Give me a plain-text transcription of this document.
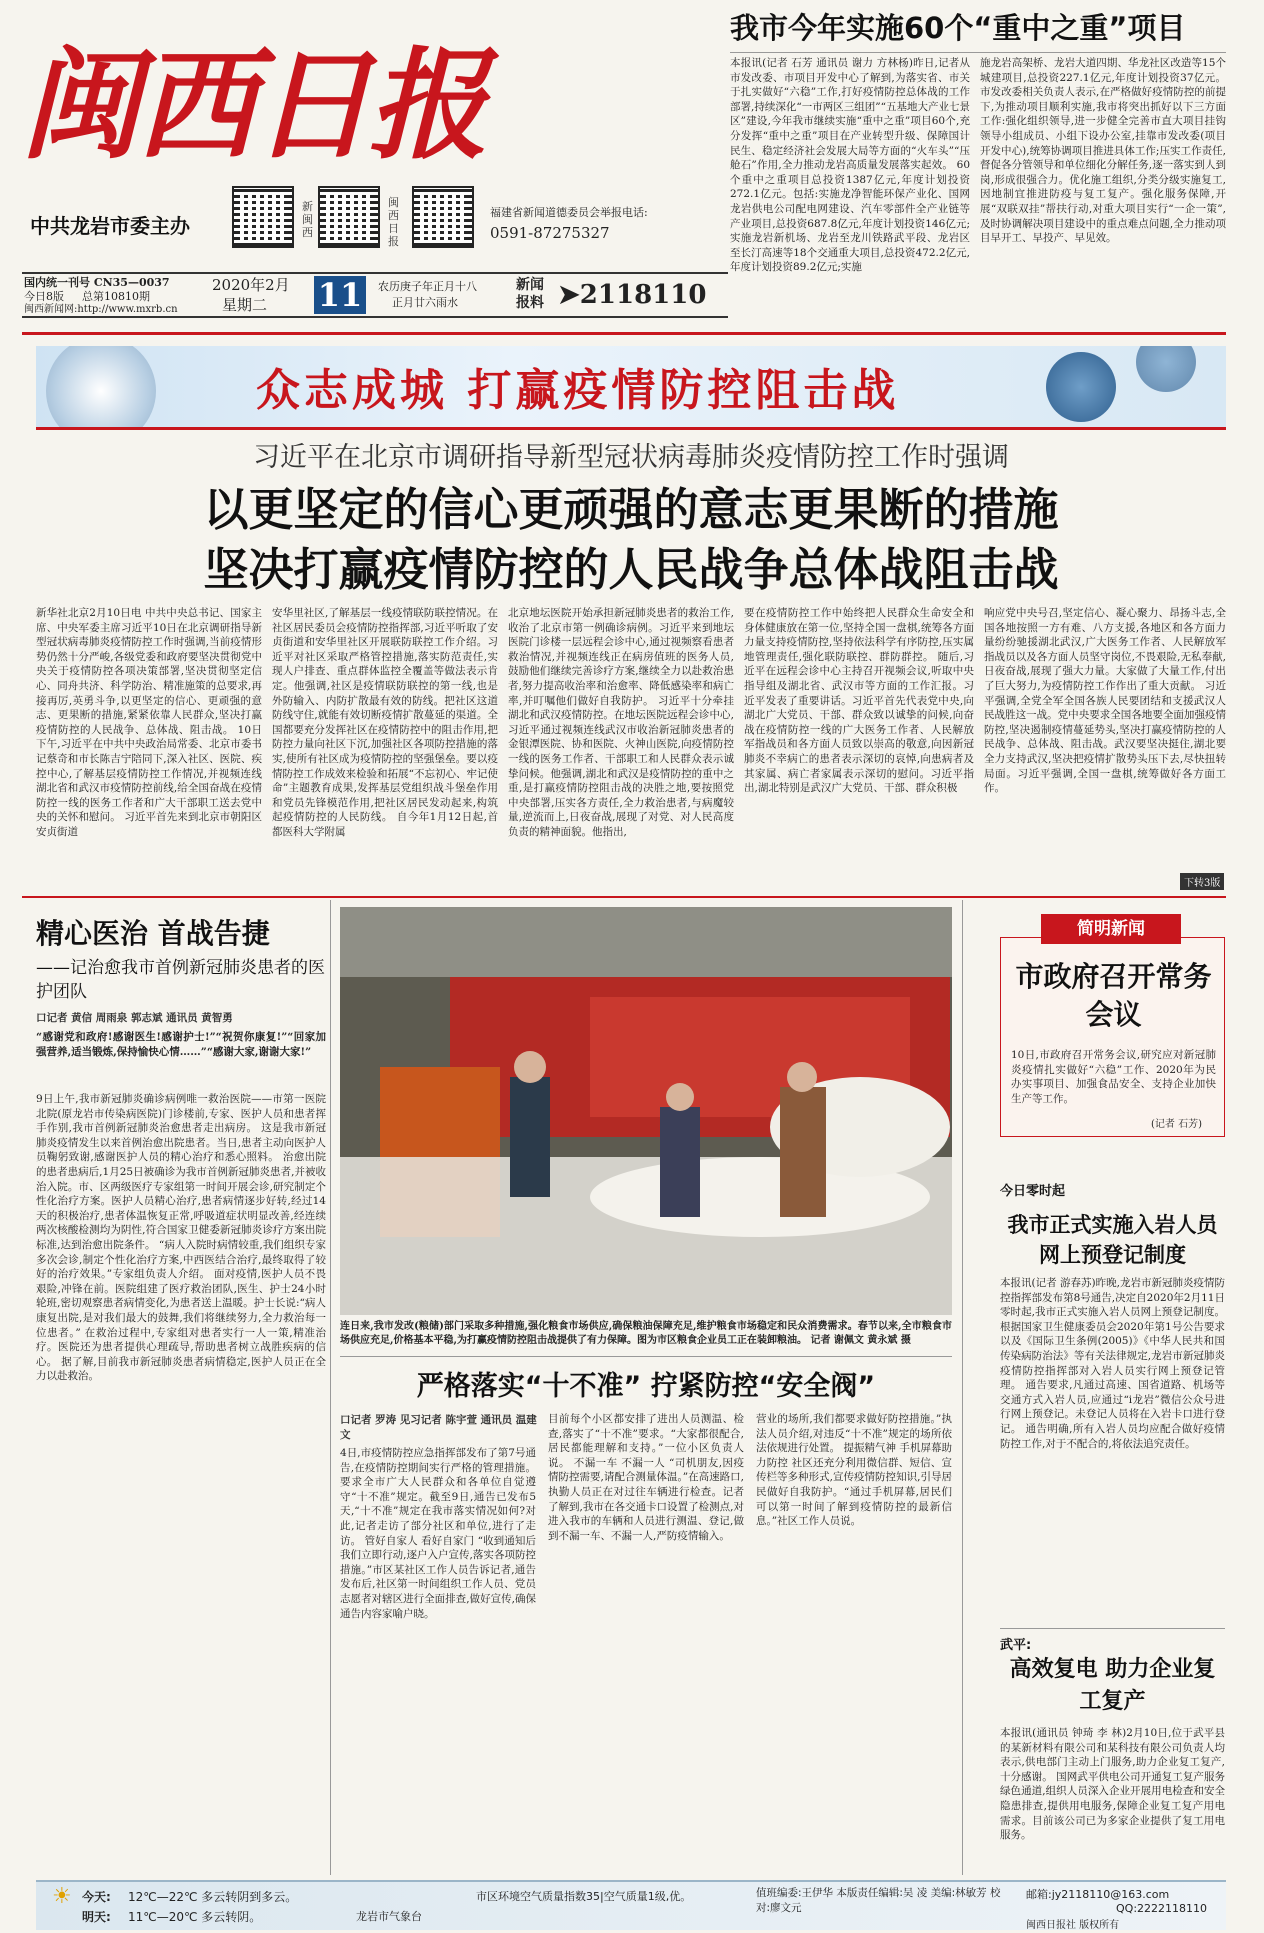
闽西日报
中共龙岩市委主办
新闽西
闽西日报
福建省新闻道德委员会举报电话:
0591-87275327
国内统一刊号 CN35—0037
今日8版 总第10810期
闽西新闻网:http://www.mxrb.cn
2020年2月
星期二 11	农历庚子年正月十八
正月廿六雨水
新闻
报料 ➤2118110
我市今年实施60个“重中之重”项目
本报讯(记者 石芳 通讯员 谢力 方林杨)昨日,记者从市发改委、市项目开发中心了解到,为落实省、市关于扎实做好“六稳”工作,打好疫情防控总体战的工作部署,持续深化“一市两区三组团”“五基地大产业七景区”建设,今年我市继续实施“重中之重”项目60个,充分发挥“重中之重”项目在产业转型升级、保障国计民生、稳定经济社会发展大局等方面的“火车头”“压舱石”作用,全力推动龙岩高质量发展落实起效。 60个重中之重项目总投资1387亿元,年度计划投资272.1亿元。包括:实施龙净智能环保产业化、国网龙岩供电公司配电网建设、汽车零部件全产业链等产业项目,总投资687.8亿元,年度计划投资146亿元;实施龙岩新机场、龙岩至龙川铁路武平段、龙岩区至长汀高速等18个交通重大项目,总投资472.2亿元,年度计划投资89.2亿元;实施
施龙岩高架桥、龙岩大道四期、华龙社区改造等15个城建项目,总投资227.1亿元,年度计划投资37亿元。 市发改委相关负责人表示,在严格做好疫情防控的前提下,为推动项目顺利实施,我市将突出抓好以下三方面工作:强化组织领导,进一步健全完善市直大项目挂钩领导小组成员、小组下设办公室,挂靠市发改委(项目开发中心),统筹协调项目推进具体工作;压实工作责任,督促各分管领导和单位细化分解任务,逐一落实到人到岗,形成很强合力。优化施工组织,分类分级实施复工,因地制宜推进防疫与复工复产。强化服务保障,开展“双联双挂”帮扶行动,对重大项目实行“一企一策”,及时协调解决项目建设中的重点难点问题,全力推动项目早开工、早投产、早见效。
众志成城 打赢疫情防控阻击战
习近平在北京市调研指导新型冠状病毒肺炎疫情防控工作时强调
以更坚定的信心更顽强的意志更果断的措施
坚决打赢疫情防控的人民战争总体战阻击战
新华社北京2月10日电 中共中央总书记、国家主席、中央军委主席习近平10日在北京调研指导新型冠状病毒肺炎疫情防控工作时强调,当前疫情形势仍然十分严峻,各级党委和政府要坚决贯彻党中央关于疫情防控各项决策部署,坚决贯彻坚定信心、同舟共济、科学防治、精准施策的总要求,再接再厉,英勇斗争,以更坚定的信心、更顽强的意志、更果断的措施,紧紧依靠人民群众,坚决打赢疫情防控的人民战争、总体战、阻击战。 10日下午,习近平在中共中央政治局常委、北京市委书记蔡奇和市长陈吉宁陪同下,深入社区、医院、疾控中心,了解基层疫情防控工作情况,并视频连线湖北省和武汉市疫情防控前线,给全国奋战在疫情防控一线的医务工作者和广大干部职工送去党中央的关怀和慰问。 习近平首先来到北京市朝阳区安贞街道
安华里社区,了解基层一线疫情联防联控情况。在社区居民委员会疫情防控指挥部,习近平听取了安贞街道和安华里社区开展联防联控工作介绍。习近平对社区采取严格管控措施,落实防范责任,实现人户排查、重点群体监控全覆盖等做法表示肯定。他强调,社区是疫情联防联控的第一线,也是外防输入、内防扩散最有效的防线。把社区这道防线守住,就能有效切断疫情扩散蔓延的渠道。全国都要充分发挥社区在疫情防控中的阻击作用,把防控力量向社区下沉,加强社区各项防控措施的落实,使所有社区成为疫情防控的坚强堡垒。要以疫情防控工作成效来检验和拓展“不忘初心、牢记使命”主题教育成果,发挥基层党组织战斗堡垒作用和党员先锋模范作用,把社区居民发动起来,构筑起疫情防控的人民防线。 自今年1月12日起,首都医科大学附属
北京地坛医院开始承担新冠肺炎患者的救治工作,收治了北京市第一例确诊病例。习近平来到地坛医院门诊楼一层远程会诊中心,通过视频察看患者救治情况,并视频连线正在病房值班的医务人员,鼓励他们继续完善诊疗方案,继续全力以赴救治患者,努力提高收治率和治愈率、降低感染率和病亡率,并叮嘱他们做好自我防护。 习近平十分牵挂湖北和武汉疫情防控。在地坛医院远程会诊中心,习近平通过视频连线武汉市收治新冠肺炎患者的金银潭医院、协和医院、火神山医院,向疫情防控一线的医务工作者、干部职工和人民群众表示诚挚问候。他强调,湖北和武汉是疫情防控的重中之重,是打赢疫情防控阻击战的决胜之地,要按照党中央部署,压实各方责任,全力救治患者,与病魔较量,逆流而上,日夜奋战,展现了对党、对人民高度负责的精神面貌。他指出,
要在疫情防控工作中始终把人民群众生命安全和身体健康放在第一位,坚持全国一盘棋,统筹各方面力量支持疫情防控,坚持依法科学有序防控,压实属地管理责任,强化联防联控、群防群控。 随后,习近平在远程会诊中心主持召开视频会议,听取中央指导组及湖北省、武汉市等方面的工作汇报。习近平发表了重要讲话。习近平首先代表党中央,向湖北广大党员、干部、群众致以诚挚的问候,向奋战在疫情防控一线的广大医务工作者、人民解放军指战员和各方面人员致以崇高的敬意,向因新冠肺炎不幸病亡的患者表示深切的哀悼,向患病者及其家属、病亡者家属表示深切的慰问。习近平指出,湖北特别是武汉广大党员、干部、群众积极
响应党中央号召,坚定信心、凝心聚力、昂扬斗志,全国各地按照一方有难、八方支援,各地区和各方面力量纷纷驰援湖北武汉,广大医务工作者、人民解放军指战员以及各方面人员坚守岗位,不畏艰险,无私奉献,日夜奋战,展现了强大力量。大家做了大量工作,付出了巨大努力,为疫情防控工作作出了重大贡献。 习近平强调,全党全军全国各族人民要团结和支援武汉人民战胜这一战。党中央要求全国各地要全面加强疫情防控,坚决遏制疫情蔓延势头,坚决打赢疫情防控的人民战争、总体战、阻击战。武汉要坚决挺住,湖北要全力支持武汉,坚决把疫情扩散势头压下去,尽快扭转局面。习近平强调,全国一盘棋,统筹做好各方面工作。
下转3版
精心医治 首战告捷
——记治愈我市首例新冠肺炎患者的医护团队
口记者 黄信 周雨泉 郭志斌 通讯员 黄智勇
“感谢党和政府!感谢医生!感谢护士!”“祝贺你康复!”“回家加强营养,适当锻炼,保持愉快心情……”“感谢大家,谢谢大家!”
9日上午,我市新冠肺炎确诊病例唯一救治医院——市第一医院北院(原龙岩市传染病医院)门诊楼前,专家、医护人员和患者挥手作别,我市首例新冠肺炎治愈患者走出病房。 这是我市新冠肺炎疫情发生以来首例治愈出院患者。当日,患者主动向医护人员鞠躬致谢,感谢医护人员的精心治疗和悉心照料。 治愈出院的患者患病后,1月25日被确诊为我市首例新冠肺炎患者,并被收治入院。市、区两级医疗专家组第一时间开展会诊,研究制定个性化治疗方案。医护人员精心治疗,患者病情逐步好转,经过14天的积极治疗,患者体温恢复正常,呼吸道症状明显改善,经连续两次核酸检测均为阴性,符合国家卫健委新冠肺炎诊疗方案出院标准,达到治愈出院条件。 “病人入院时病情较重,我们组织专家多次会诊,制定个性化治疗方案,中西医结合治疗,最终取得了较好的治疗效果。”专家组负责人介绍。 面对疫情,医护人员不畏艰险,冲锋在前。医院组建了医疗救治团队,医生、护士24小时轮班,密切观察患者病情变化,为患者送上温暖。护士长说:“病人康复出院,是对我们最大的鼓舞,我们将继续努力,全力救治每一位患者。” 在救治过程中,专家组对患者实行一人一策,精准治疗。医院还为患者提供心理疏导,帮助患者树立战胜疾病的信心。 据了解,目前我市新冠肺炎患者病情稳定,医护人员正在全力以赴救治。
连日来,我市发改(粮储)部门采取多种措施,强化粮食市场供应,确保粮油保障充足,维护粮食市场稳定和民众消费需求。春节以来,全市粮食市场供应充足,价格基本平稳,为打赢疫情防控阻击战提供了有力保障。图为市区粮食企业员工正在装卸粮油。 记者 谢佩文 黄永斌 摄
严格落实“十不准” 拧紧防控“安全阀”
口记者 罗涛 见习记者 陈宇萱 通讯员 温建文
4日,市疫情防控应急指挥部发布了第7号通告,在疫情防控期间实行严格的管理措施。要求全市广大人民群众和各单位自觉遵守“十不准”规定。截至9日,通告已发布5天,“十不准”规定在我市落实情况如何?对此,记者走访了部分社区和单位,进行了走访。 管好自家人 看好自家门 “收到通知后我们立即行动,逐户入户宣传,落实各项防控措施。”市区某社区工作人员告诉记者,通告发布后,社区第一时间组织工作人员、党员志愿者对辖区进行全面排查,做好宣传,确保通告内容家喻户晓。
目前每个小区都安排了进出人员测温、检查,落实了“十不准”要求。“大家都很配合,居民都能理解和支持。”一位小区负责人说。 不漏一车 不漏一人 “司机朋友,因疫情防控需要,请配合测量体温。”在高速路口,执勤人员正在对过往车辆进行检查。记者了解到,我市在各交通卡口设置了检测点,对进入我市的车辆和人员进行测温、登记,做到不漏一车、不漏一人,严防疫情输入。
营业的场所,我们都要求做好防控措施。”执法人员介绍,对违反“十不准”规定的场所依法依规进行处置。 提振精气神 手机屏幕助力防控 社区还充分利用微信群、短信、宣传栏等多种形式,宣传疫情防控知识,引导居民做好自我防护。“通过手机屏幕,居民们可以第一时间了解到疫情防控的最新信息。”社区工作人员说。
简明新闻
市政府召开常务会议
10日,市政府召开常务会议,研究应对新冠肺炎疫情扎实做好“六稳”工作、2020年为民办实事项目、加强食品安全、支持企业加快生产等工作。
(记者 石芳)
今日零时起
我市正式实施入岩人员网上预登记制度
本报讯(记者 游春苏)昨晚,龙岩市新冠肺炎疫情防控指挥部发布第8号通告,决定自2020年2月11日零时起,我市正式实施入岩人员网上预登记制度。 根据国家卫生健康委员会2020年第1号公告要求以及《国际卫生条例(2005)》《中华人民共和国传染病防治法》等有关法律规定,龙岩市新冠肺炎疫情防控指挥部对入岩人员实行网上预登记管理。 通告要求,凡通过高速、国省道路、机场等交通方式入岩人员,应通过“i龙岩”微信公众号进行网上预登记。未登记人员将在入岩卡口进行登记。 通告明确,所有入岩人员均应配合做好疫情防控工作,对于不配合的,将依法追究责任。
武平:
高效复电 助力企业复工复产
本报讯(通讯员 钟琦 李 林)2月10日,位于武平县的某新材料有限公司和某科技有限公司负责人均表示,供电部门主动上门服务,助力企业复工复产,十分感谢。 国网武平供电公司开通复工复产服务绿色通道,组织人员深入企业开展用电检查和安全隐患排查,提供用电服务,保障企业复工复产用电需求。目前该公司已为多家企业提供了复工用电服务。
☀ 今天: 12℃—22℃ 多云转阴到多云。
明天: 11℃—20℃ 多云转阴。	龙岩市气象台
市区环境空气质量指数35|空气质量1级,优。	值班编委:王伊华 本版责任编辑:吴 凌 美编:林敏芳 校对:廖文元
邮箱:jy2118110@163.com
QQ:2222118110
闽西日报社 版权所有
